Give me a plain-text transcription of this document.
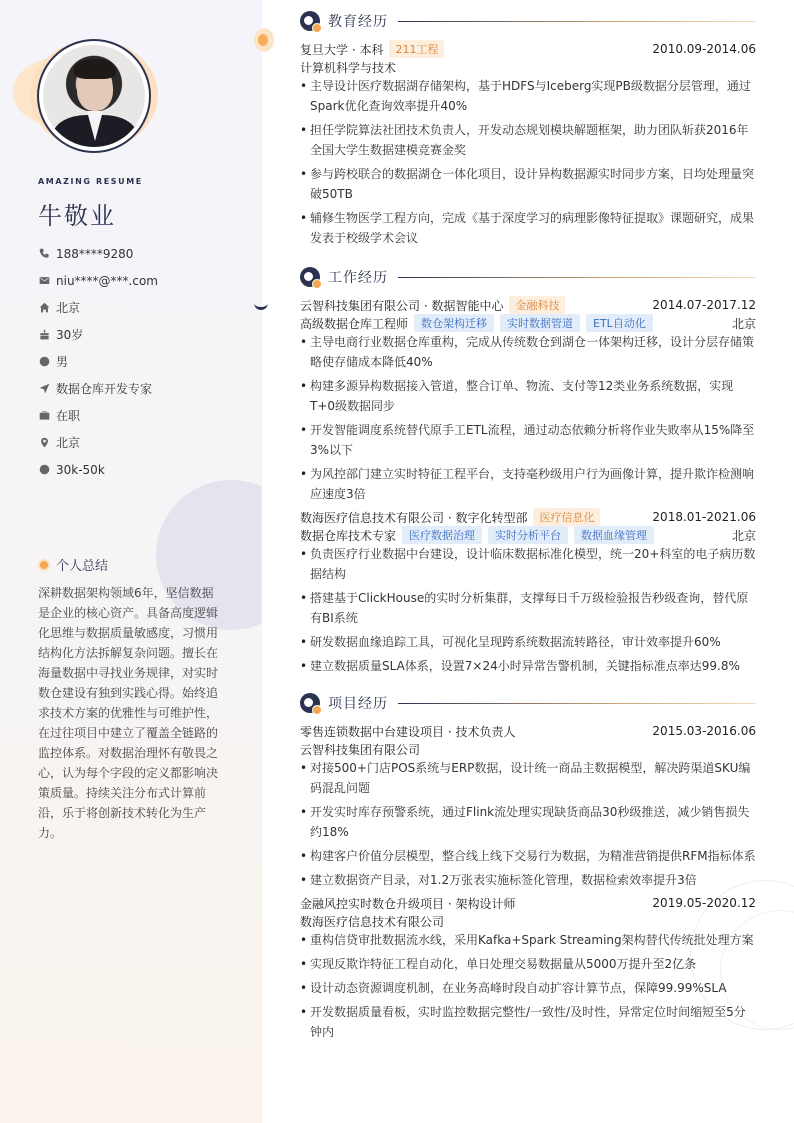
AMAZING RESUME
牛敬业
188****9280
niu****@***.com
北京
30岁
男
数据仓库开发专家
在职
北京
30k-50k
个人总结
深耕数据架构领域6年，坚信数据是企业的核心资产。具备高度逻辑化思维与数据质量敏感度，习惯用结构化方法拆解复杂问题。擅长在海量数据中寻找业务规律，对实时数仓建设有独到实践心得。始终追求技术方案的优雅性与可维护性，在过往项目中建立了覆盖全链路的监控体系。对数据治理怀有敬畏之心，认为每个字段的定义都影响决策质量。持续关注分布式计算前沿，乐于将创新技术转化为生产力。
教育经历
复旦大学 · 本科	211工程	2010.09-2014.06
计算机科学与技术
• 主导设计医疗数据湖存储架构，基于HDFS与Iceberg实现PB级数据分层管理，通过Spark优化查询效率提升40%
• 担任学院算法社团技术负责人，开发动态规划模块解题框架，助力团队斩获2016年全国大学生数据建模竞赛金奖
• 参与跨校联合的数据湖仓一体化项目，设计异构数据源实时同步方案，日均处理量突破50TB
• 辅修生物医学工程方向，完成《基于深度学习的病理影像特征提取》课题研究，成果发表于校级学术会议
工作经历
云智科技集团有限公司 · 数据智能中心	金融科技	2014.07-2017.12
高级数据仓库工程师	数仓架构迁移	实时数据管道	ETL自动化	北京
• 主导电商行业数据仓库重构，完成从传统数仓到湖仓一体架构迁移，设计分层存储策略使存储成本降低40%
• 构建多源异构数据接入管道，整合订单、物流、支付等12类业务系统数据，实现T+0级数据同步
• 开发智能调度系统替代原手工ETL流程，通过动态依赖分析将作业失败率从15%降至3%以下
• 为风控部门建立实时特征工程平台，支持毫秒级用户行为画像计算，提升欺诈检测响应速度3倍
数海医疗信息技术有限公司 · 数字化转型部	医疗信息化	2018.01-2021.06
数据仓库技术专家	医疗数据治理	实时分析平台	数据血缘管理	北京
• 负责医疗行业数据中台建设，设计临床数据标准化模型，统一20+科室的电子病历数据结构
• 搭建基于ClickHouse的实时分析集群，支撑每日千万级检验报告秒级查询，替代原有BI系统
• 研发数据血缘追踪工具，可视化呈现跨系统数据流转路径，审计效率提升60%
• 建立数据质量SLA体系，设置7×24小时异常告警机制，关键指标准点率达99.8%
项目经历
零售连锁数据中台建设项目 · 技术负责人	2015.03-2016.06
云智科技集团有限公司
• 对接500+门店POS系统与ERP数据，设计统一商品主数据模型，解决跨渠道SKU编码混乱问题
• 开发实时库存预警系统，通过Flink流处理实现缺货商品30秒级推送，减少销售损失约18%
• 构建客户价值分层模型，整合线上线下交易行为数据，为精准营销提供RFM指标体系
• 建立数据资产目录，对1.2万张表实施标签化管理，数据检索效率提升3倍
金融风控实时数仓升级项目 · 架构设计师	2019.05-2020.12
数海医疗信息技术有限公司
• 重构信贷审批数据流水线，采用Kafka+Spark Streaming架构替代传统批处理方案
• 实现反欺诈特征工程自动化，单日处理交易数据量从5000万提升至2亿条
• 设计动态资源调度机制，在业务高峰时段自动扩容计算节点，保障99.99%SLA
• 开发数据质量看板，实时监控数据完整性/一致性/及时性，异常定位时间缩短至5分钟内
